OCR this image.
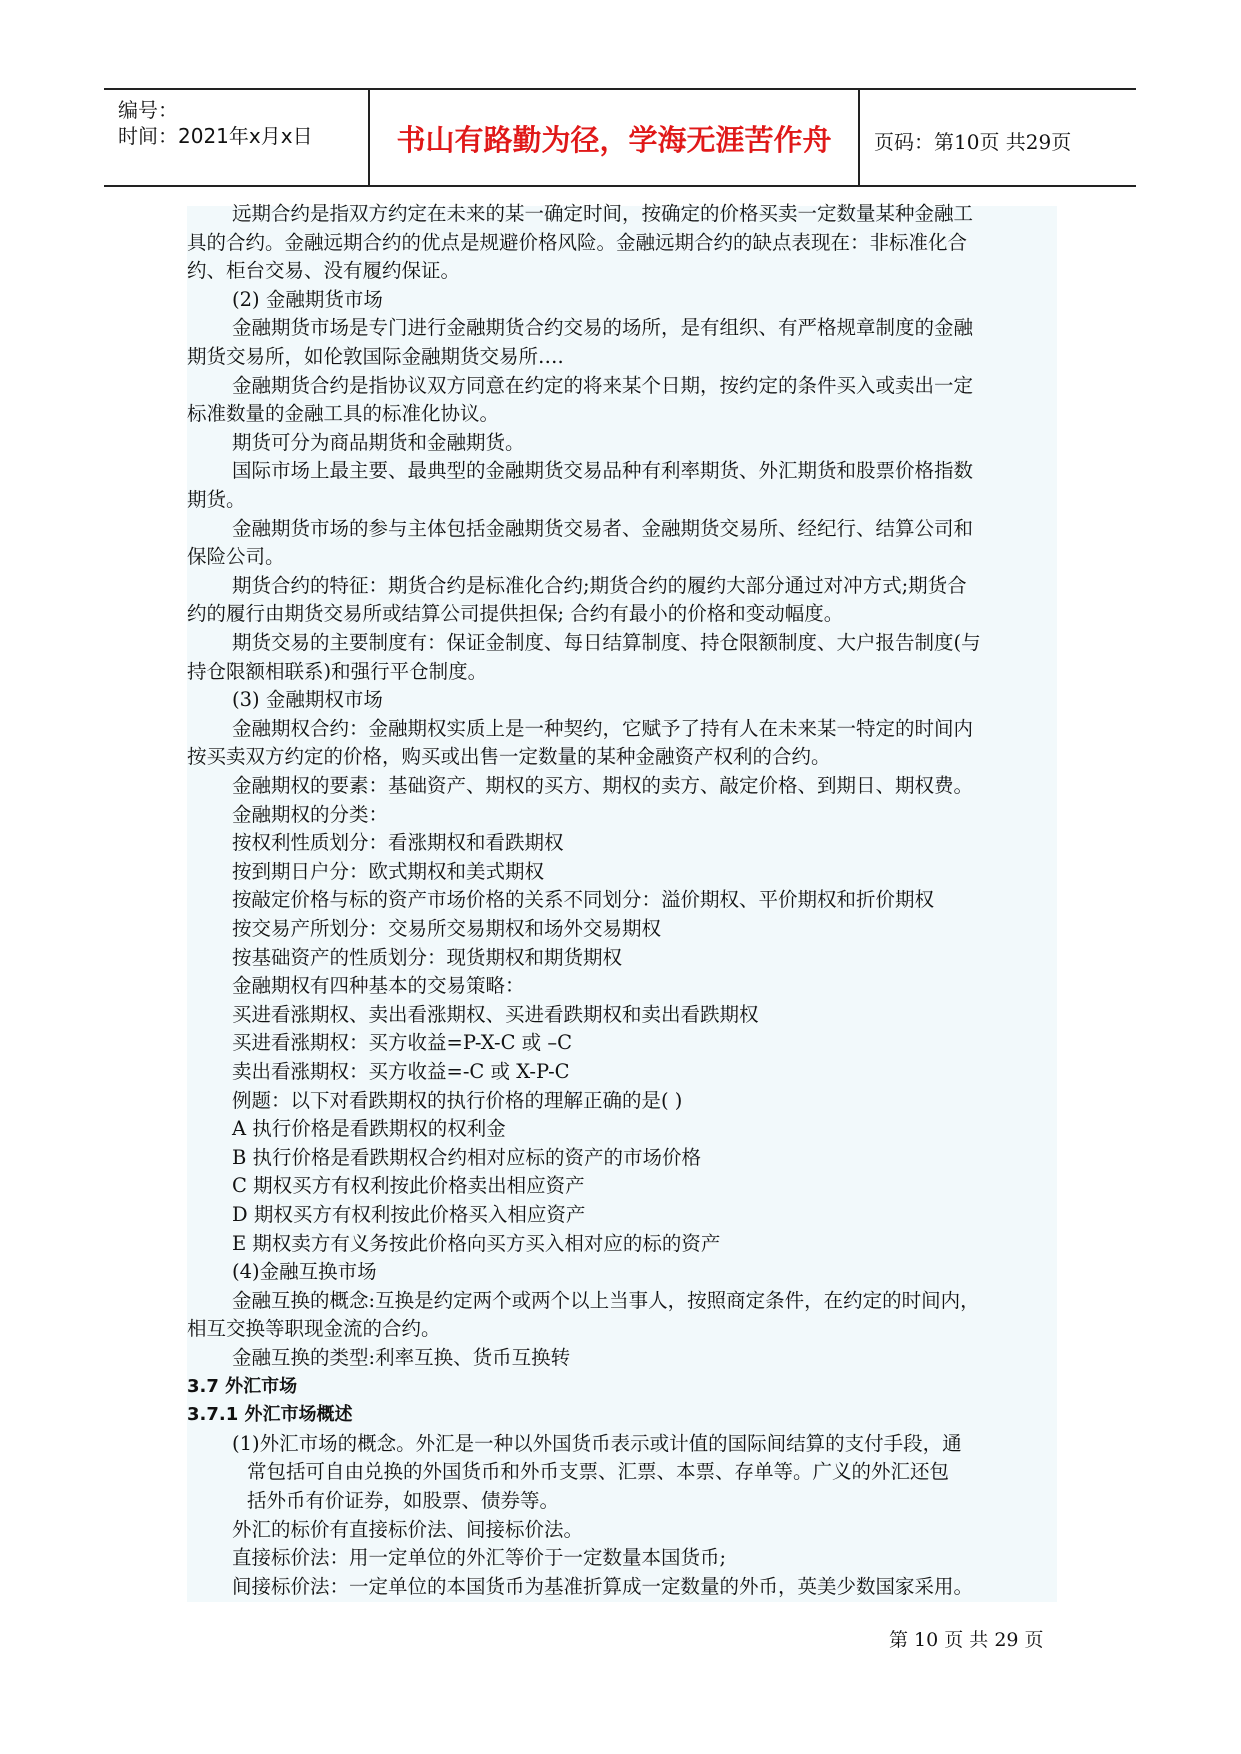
编号：
时间：2021年x月x日	书山有路勤为径，学海无涯苦作舟	页码：第10页 共29页
远期合约是指双方约定在未来的某一确定时间，按确定的价格买卖一定数量某种金融工
具的合约。金融远期合约的优点是规避价格风险。金融远期合约的缺点表现在：非标准化合
约、柜台交易、没有履约保证。
(2) 金融期货市场
金融期货市场是专门进行金融期货合约交易的场所，是有组织、有严格规章制度的金融
期货交易所，如伦敦国际金融期货交易所….
金融期货合约是指协议双方同意在约定的将来某个日期，按约定的条件买入或卖出一定
标准数量的金融工具的标准化协议。
期货可分为商品期货和金融期货。
国际市场上最主要、最典型的金融期货交易品种有利率期货、外汇期货和股票价格指数
期货。
金融期货市场的参与主体包括金融期货交易者、金融期货交易所、经纪行、结算公司和
保险公司。
期货合约的特征：期货合约是标准化合约;期货合约的履约大部分通过对冲方式;期货合
约的履行由期货交易所或结算公司提供担保; 合约有最小的价格和变动幅度。
期货交易的主要制度有：保证金制度、每日结算制度、持仓限额制度、大户报告制度(与
持仓限额相联系)和强行平仓制度。
(3) 金融期权市场
金融期权合约：金融期权实质上是一种契约，它赋予了持有人在未来某一特定的时间内
按买卖双方约定的价格，购买或出售一定数量的某种金融资产权利的合约。
金融期权的要素：基础资产、期权的买方、期权的卖方、敲定价格、到期日、期权费。
金融期权的分类：
按权利性质划分：看涨期权和看跌期权
按到期日户分：欧式期权和美式期权
按敲定价格与标的资产市场价格的关系不同划分：溢价期权、平价期权和折价期权
按交易产所划分：交易所交易期权和场外交易期权
按基础资产的性质划分：现货期权和期货期权
金融期权有四种基本的交易策略：
买进看涨期权、卖出看涨期权、买进看跌期权和卖出看跌期权
买进看涨期权：买方收益=P-X-C 或 –C
卖出看涨期权：买方收益=-C 或 X-P-C
例题：以下对看跌期权的执行价格的理解正确的是( )
A 执行价格是看跌期权的权利金
B 执行价格是看跌期权合约相对应标的资产的市场价格
C 期权买方有权利按此价格卖出相应资产
D 期权买方有权利按此价格买入相应资产
E 期权卖方有义务按此价格向买方买入相对应的标的资产
(4)金融互换市场
金融互换的概念:互换是约定两个或两个以上当事人，按照商定条件，在约定的时间内，
相互交换等职现金流的合约。
金融互换的类型:利率互换、货币互换转
3.7 外汇市场
3.7.1 外汇市场概述
(1)外汇市场的概念。外汇是一种以外国货币表示或计值的国际间结算的支付手段，通
常包括可自由兑换的外国货币和外币支票、汇票、本票、存单等。广义的外汇还包
括外币有价证券，如股票、债券等。
外汇的标价有直接标价法、间接标价法。
直接标价法：用一定单位的外汇等价于一定数量本国货币;
间接标价法：一定单位的本国货币为基准折算成一定数量的外币，英美少数国家采用。
第 10 页 共 29 页
